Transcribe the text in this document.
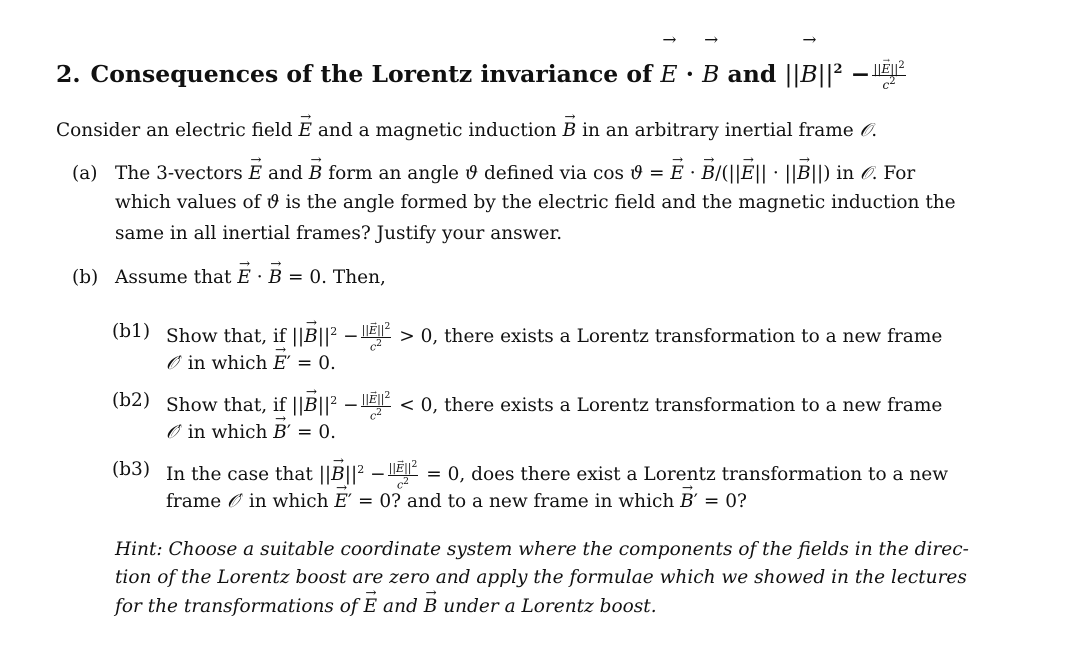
2. Consequences of the Lorentz invariance of → E · → B and ||→ $B||^2 - \frac{||\to E||^2}{c^2}$
Consider an electric field → E and a magnetic induction → B in an arbitrary inertial frame 𝒪.
(a) The 3-vectors → E and → B form an angle ϑ defined via cos ϑ = → E · → B/(||→ E|| · ||→ B||) in 𝒪. For
which values of ϑ is the angle formed by the electric field and the magnetic induction the
same in all inertial frames? Justify your answer.
(b) Assume that → E · → B = 0. Then,
(b1) Show that, if ||→ $B||^2 - \frac{||\to E||^2}{c^2} > 0$, there exists a Lorentz transformation to a new frame
𝒪′ in which → E′ = 0.
(b2) Show that, if ||→ $B||^2 - \frac{||\to E||^2}{c^2} < 0$, there exists a Lorentz transformation to a new frame
𝒪′ in which → B′ = 0.
(b3) In the case that ||→ $B||^2 - \frac{||\to E||^2}{c^2} = 0$, does there exist a Lorentz transformation to a new
frame 𝒪′ in which → E′ = 0? and to a new frame in which → B′ = 0?
Hint: Choose a suitable coordinate system where the components of the fields in the direc-
tion of the Lorentz boost are zero and apply the formulae which we showed in the lectures
for the transformations of → E and → B under a Lorentz boost.
